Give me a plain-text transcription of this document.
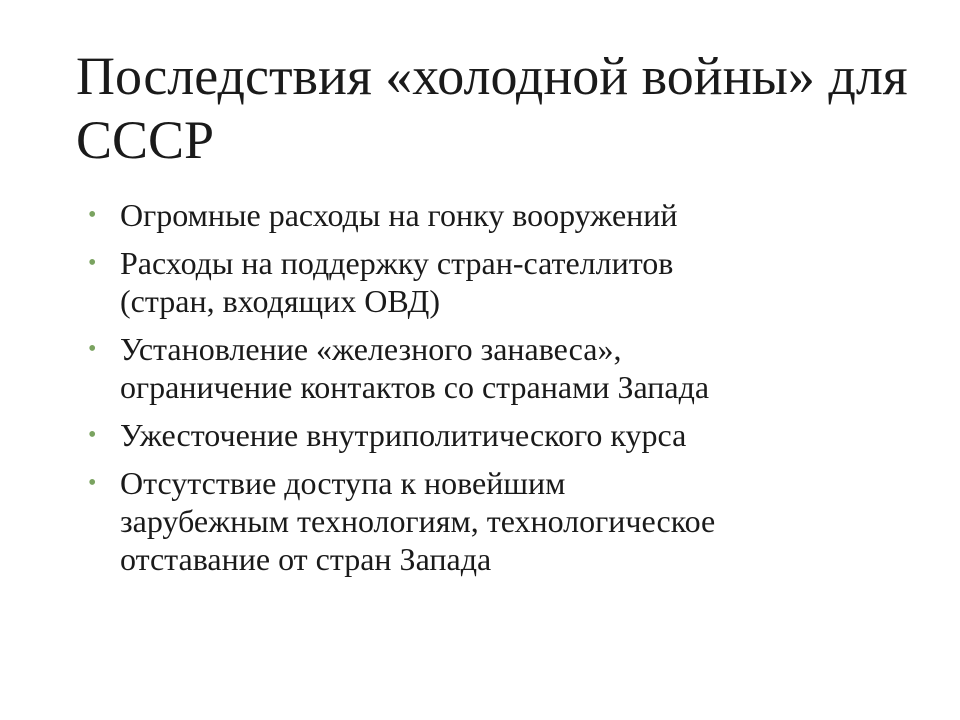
Последствия «холодной войны» для СССР
• Огромные расходы на гонку вооружений
• Расходы на поддержку стран-сателлитов
(стран, входящих ОВД)
• Установление «железного занавеса»,
ограничение контактов со странами Запада
• Ужесточение внутриполитического курса
• Отсутствие доступа к новейшим
зарубежным технологиям, технологическое
отставание от стран Запада
